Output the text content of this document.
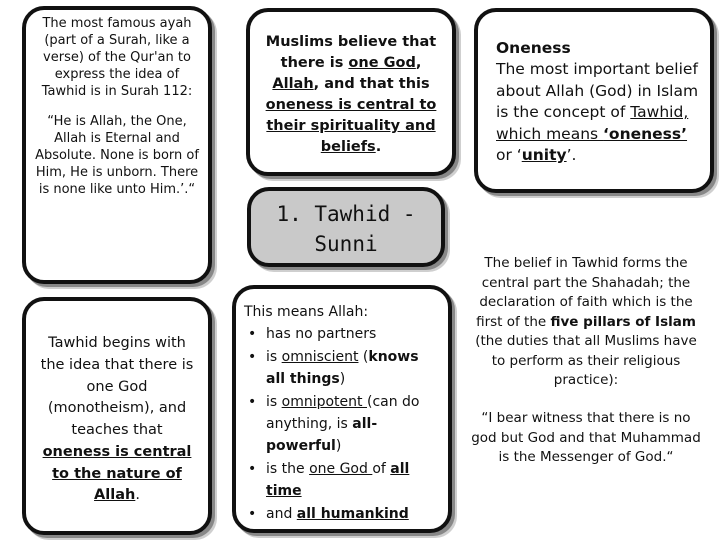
The most famous ayah (part of a Surah, like a verse) of the Qur'an to express the idea of Tawhid is in Surah 112:

“He is Allah, the One, Allah is Eternal and Absolute. None is born of Him, He is unborn. There is none like unto Him.’.“

Tawhid begins with the idea that there is one God (monotheism), and teaches that oneness is central to the nature of Allah.
Muslims believe that there is one God, Allah, and that this oneness is central to their spirituality and beliefs.
1. Tawhid - Sunni
This means Allah:
• has no partners
• is omniscient (knows all things)
• is omnipotent (can do anything, is all-powerful)
• is the one God of all time
• and all humankind
Oneness
The most important belief about Allah (God) in Islam is the concept of Tawhid, which means ‘oneness’ or ‘unity’.

The belief in Tawhid forms the central part the Shahadah; the declaration of faith which is the first of the five pillars of Islam (the duties that all Muslims have to perform as their religious practice):

“I bear witness that there is no god but God and that Muhammad is the Messenger of God.“
